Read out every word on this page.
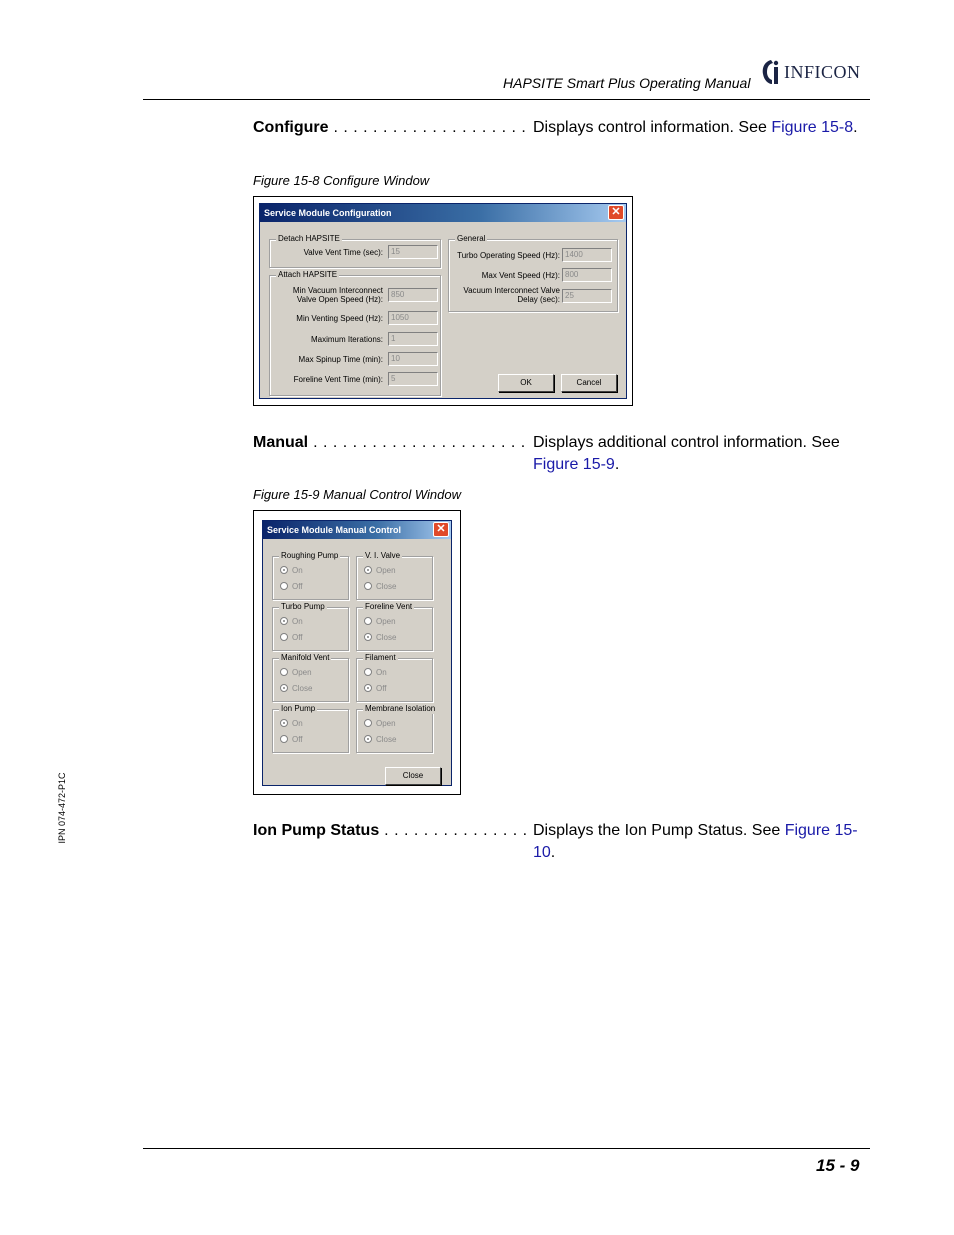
HAPSITE Smart Plus Operating Manual
INFICON
Configure . . . . . . . . . . . . . . . . . . . . Displays control information. See Figure 15-8.
Figure 15-8 Configure Window
Service Module Configuration	✕
Detach HAPSITE
Valve Vent Time (sec):	15
Attach HAPSITE
Min Vacuum Interconnect
Valve Open Speed (Hz):
850
Min Venting Speed (Hz):	1050
Maximum Iterations:	1
Max Spinup Time (min):	10
Foreline Vent Time (min):	5
General
Turbo Operating Speed (Hz): 1400
Max Vent Speed (Hz): 800
Vacuum Interconnect Valve
Delay (sec): 25
OK	Cancel
Manual . . . . . . . . . . . . . . . . . . . . . . Displays additional control information. See Figure 15-9.
Figure 15-9 Manual Control Window
Service Module Manual Control	✕
Roughing Pump
On
Off
V. I. Valve
Open
Close
Turbo Pump
On
Off
Foreline Vent
Open
Close
Manifold Vent
Open
Close
Filament
On
Off
Ion Pump
On
Off
Membrane Isolation
Open
Close
Close
Ion Pump Status . . . . . . . . . . . . . . . Displays the Ion Pump Status. See Figure 15-10.
IPN 074-472-P1C
15 - 9
